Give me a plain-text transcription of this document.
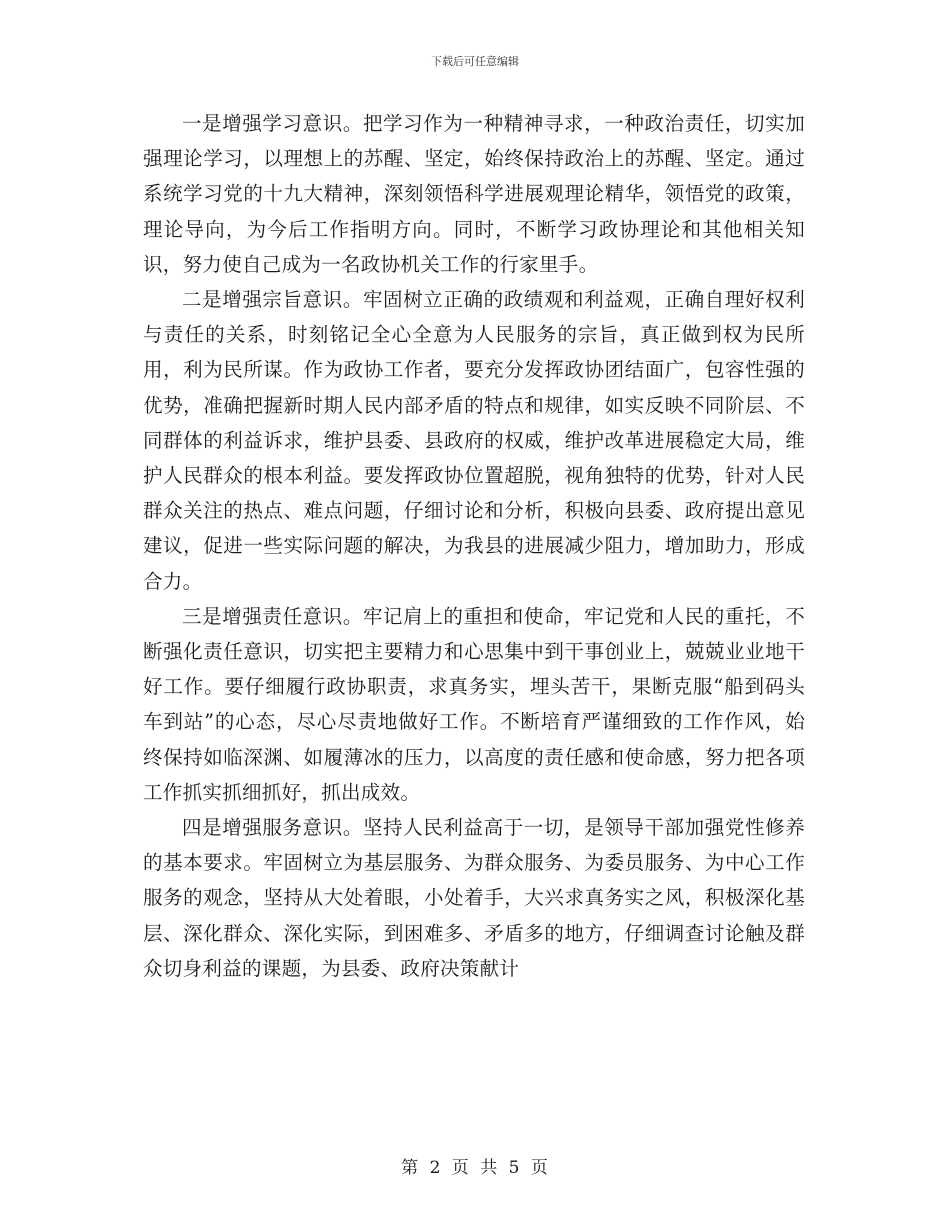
下载后可任意编辑

一是增强学习意识。把学习作为一种精神寻求，一种政治责任，切实加强理论学习，以理想上的苏醒、坚定，始终保持政治上的苏醒、坚定。通过系统学习党的十九大精神，深刻领悟科学进展观理论精华，领悟党的政策，理论导向，为今后工作指明方向。同时，不断学习政协理论和其他相关知识，努力使自己成为一名政协机关工作的行家里手。

二是增强宗旨意识。牢固树立正确的政绩观和利益观，正确自理好权利与责任的关系，时刻铭记全心全意为人民服务的宗旨，真正做到权为民所用，利为民所谋。作为政协工作者，要充分发挥政协团结面广，包容性强的优势，准确把握新时期人民内部矛盾的特点和规律，如实反映不同阶层、不同群体的利益诉求，维护县委、县政府的权威，维护改革进展稳定大局，维护人民群众的根本利益。要发挥政协位置超脱，视角独特的优势，针对人民群众关注的热点、难点问题，仔细讨论和分析，积极向县委、政府提出意见建议，促进一些实际问题的解决，为我县的进展减少阻力，增加助力，形成合力。

三是增强责任意识。牢记肩上的重担和使命，牢记党和人民的重托，不断强化责任意识，切实把主要精力和心思集中到干事创业上，兢兢业业地干好工作。要仔细履行政协职责，求真务实，埋头苦干，果断克服“船到码头车到站”的心态，尽心尽责地做好工作。不断培育严谨细致的工作作风，始终保持如临深渊、如履薄冰的压力，以高度的责任感和使命感，努力把各项工作抓实抓细抓好，抓出成效。

四是增强服务意识。坚持人民利益高于一切，是领导干部加强党性修养的基本要求。牢固树立为基层服务、为群众服务、为委员服务、为中心工作服务的观念，坚持从大处着眼，小处着手，大兴求真务实之风，积极深化基层、深化群众、深化实际，到困难多、矛盾多的地方，仔细调查讨论触及群众切身利益的课题，为县委、政府决策献计

第 2 页 共 5 页
